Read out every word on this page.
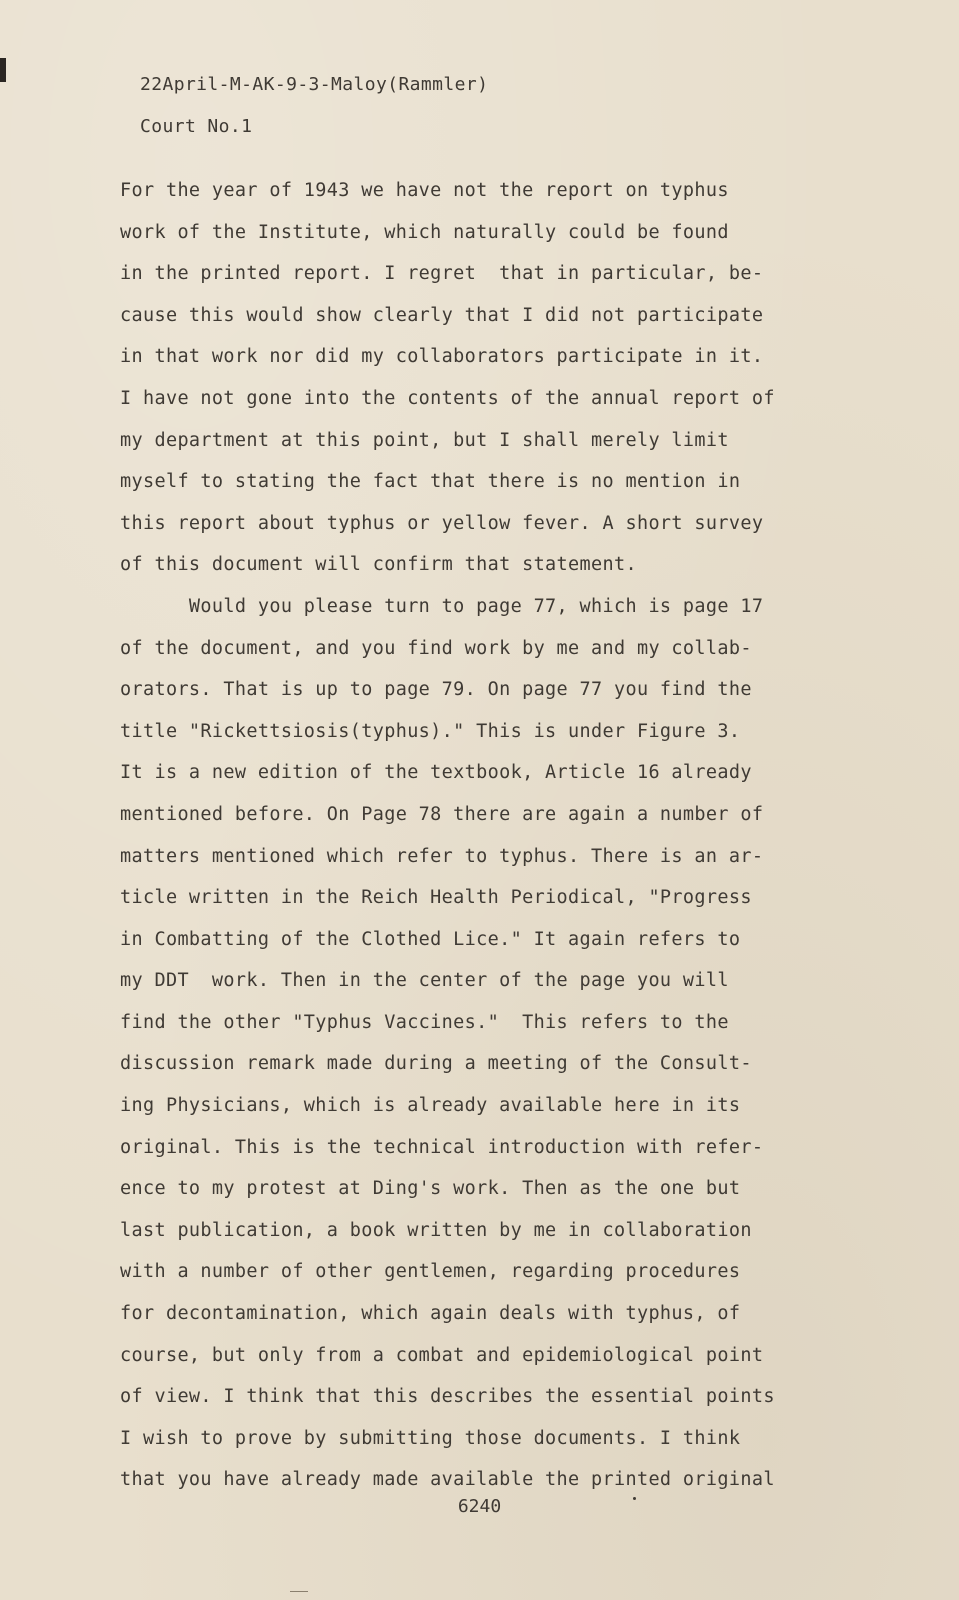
22April-M-AK-9-3-Maloy(Rammler)
Court No.1
For the year of 1943 we have not the report on typhus
work of the Institute, which naturally could be found
in the printed report. I regret  that in particular, be-
cause this would show clearly that I did not participate
in that work nor did my collaborators participate in it.
I have not gone into the contents of the annual report of
my department at this point, but I shall merely limit
myself to stating the fact that there is no mention in
this report about typhus or yellow fever. A short survey
of this document will confirm that statement.
Would you please turn to page 77, which is page 17
of the document, and you find work by me and my collab-
orators. That is up to page 79. On page 77 you find the
title "Rickettsiosis(typhus)." This is under Figure 3.
It is a new edition of the textbook, Article 16 already
mentioned before. On Page 78 there are again a number of
matters mentioned which refer to typhus. There is an ar-
ticle written in the Reich Health Periodical, "Progress
in Combatting of the Clothed Lice." It again refers to
my DDT  work. Then in the center of the page you will
find the other "Typhus Vaccines."  This refers to the
discussion remark made during a meeting of the Consult-
ing Physicians, which is already available here in its
original. This is the technical introduction with refer-
ence to my protest at Ding's work. Then as the one but
last publication, a book written by me in collaboration
with a number of other gentlemen, regarding procedures
for decontamination, which again deals with typhus, of
course, but only from a combat and epidemiological point
of view. I think that this describes the essential points
I wish to prove by submitting those documents. I think
that you have already made available the printed original
6240
